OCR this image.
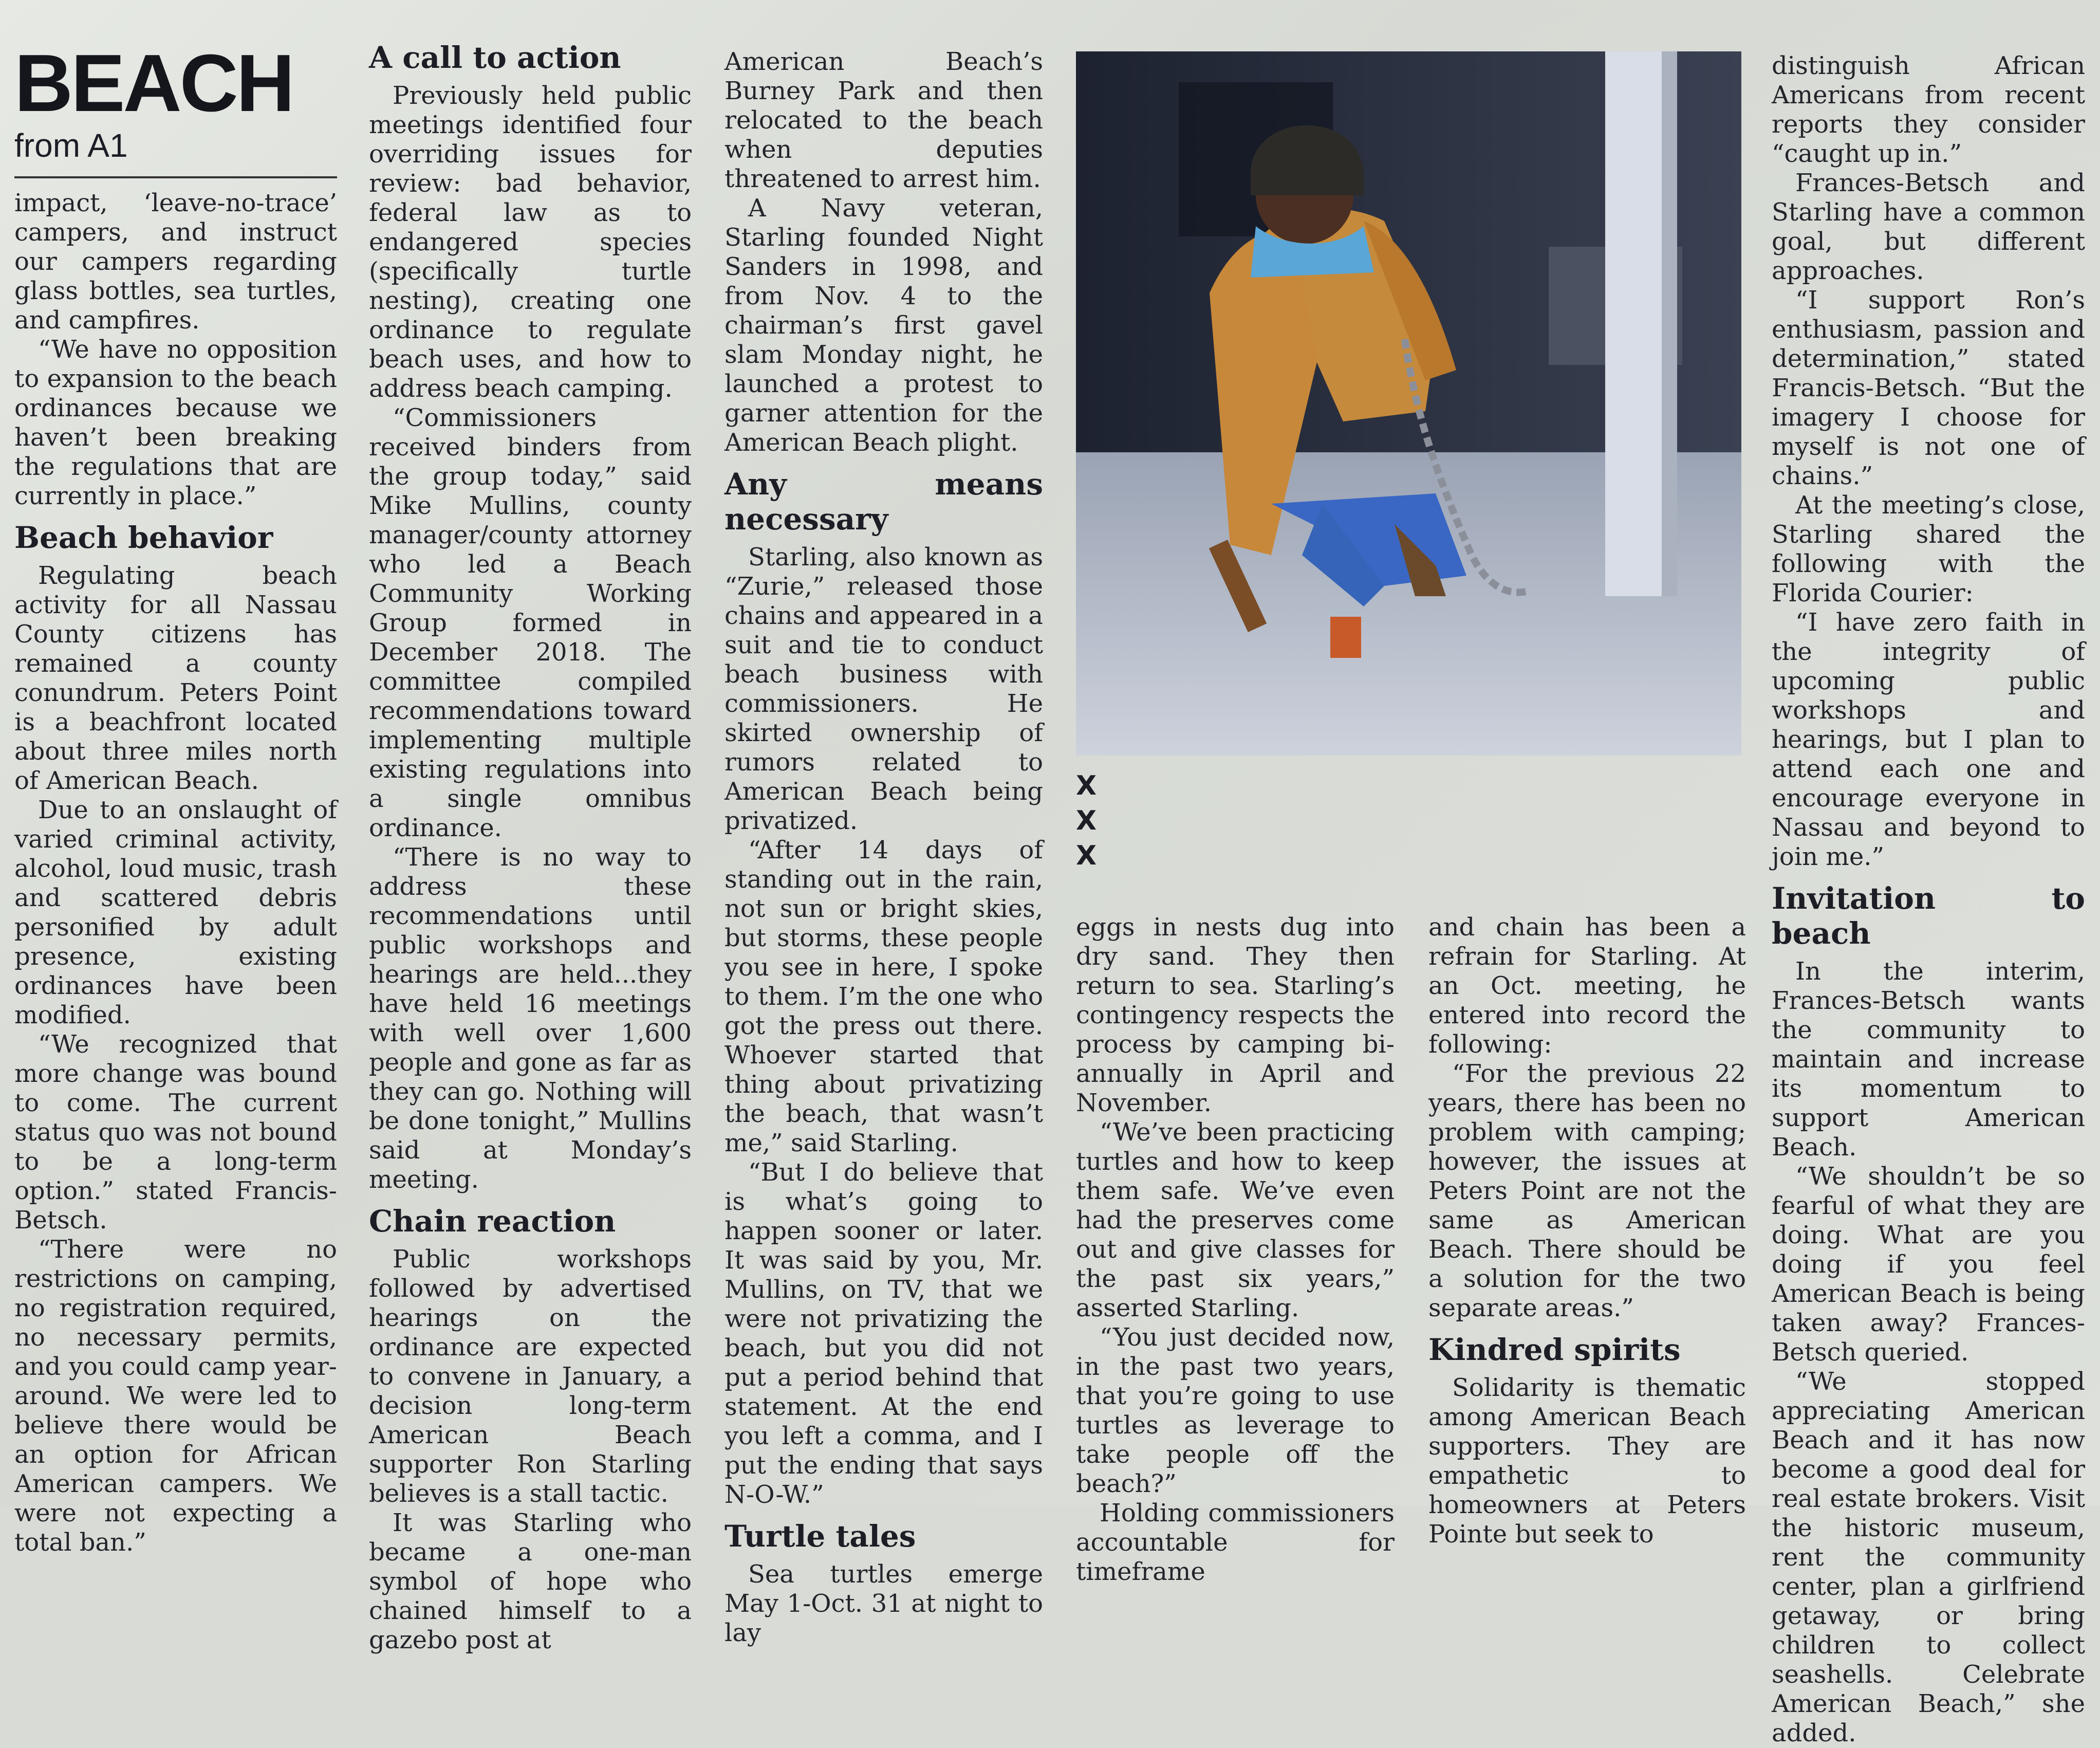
BEACH
from A1

impact, ‘leave-no-trace’ campers, and instruct our campers regarding glass bottles, sea turtles, and campfires.

“We have no opposition to expansion to the beach ordinances because we haven’t been breaking the regulations that are currently in place.”

Beach behavior

Regulating beach activity for all Nassau County citizens has remained a county conundrum. Peters Point is a beachfront located about three miles north of American Beach.

Due to an onslaught of varied criminal activity, alcohol, loud music, trash and scattered debris personified by adult presence, existing ordinances have been modified.

“We recognized that more change was bound to come. The current status quo was not bound to be a long-term option.” stated Francis-Betsch.

“There were no restrictions on camping, no registration required, no necessary permits, and you could camp year-around. We were led to believe there would be an option for African American campers. We were not expecting a total ban.”

A call to action

Previously held public meetings identified four overriding issues for review: bad behavior, federal law as to endangered species (specifically turtle nesting), creating one ordinance to regulate beach uses, and how to address beach camping.

“Commissioners received binders from the group today,” said Mike Mullins, county manager/county attorney who led a Beach Community Working Group formed in December 2018. The committee compiled recommendations toward implementing multiple existing regulations into a single omnibus ordinance.

“There is no way to address these recommendations until public workshops and hearings are held...they have held 16 meetings with well over 1,600 people and gone as far as they can go. Nothing will be done tonight,” Mullins said at Monday’s meeting.

Chain reaction

Public workshops followed by advertised hearings on the ordinance are expected to convene in January, a decision long-term American Beach supporter Ron Starling believes is a stall tactic.

It was Starling who became a one-man symbol of hope who chained himself to a gazebo post at

American Beach’s Burney Park and then relocated to the beach when deputies threatened to arrest him.

A Navy veteran, Starling founded Night Sanders in 1998, and from Nov. 4 to the chairman’s first gavel slam Monday night, he launched a protest to garner attention for the American Beach plight.

Any means necessary

Starling, also known as “Zurie,” released those chains and appeared in a suit and tie to conduct beach business with commissioners. He skirted ownership of rumors related to American Beach being privatized.

“After 14 days of standing out in the rain, not sun or bright skies, but storms, these people you see in here, I spoke to them. I’m the one who got the press out there. Whoever started that thing about privatizing the beach, that wasn’t me,” said Starling.

“But I do believe that is what’s going to happen sooner or later. It was said by you, Mr. Mullins, on TV, that we were not privatizing the beach, but you did not put a period behind that statement. At the end you left a comma, and I put the ending that says N-O-W.”

Turtle tales

Sea turtles emerge May 1-Oct. 31 at night to lay

X
X
X

eggs in nests dug into dry sand. They then return to sea. Starling’s contingency respects the process by camping bi-annually in April and November.

“We’ve been practicing turtles and how to keep them safe. We’ve even had the preserves come out and give classes for the past six years,” asserted Starling.

“You just decided now, in the past two years, that you’re going to use turtles as leverage to take people off the beach?”

Holding commissioners accountable for timeframe

and chain has been a refrain for Starling. At an Oct. meeting, he entered into record the following:

“For the previous 22 years, there has been no problem with camping; however, the issues at Peters Point are not the same as American Beach. There should be a solution for the two separate areas.”

Kindred spirits

Solidarity is thematic among American Beach supporters. They are empathetic to homeowners at Peters Pointe but seek to

distinguish African Americans from recent reports they consider “caught up in.”

Frances-Betsch and Starling have a common goal, but different approaches.

“I support Ron’s enthusiasm, passion and determination,” stated Francis-Betsch. “But the imagery I choose for myself is not one of chains.”

At the meeting’s close, Starling shared the following with the Florida Courier:

“I have zero faith in the integrity of upcoming public workshops and hearings, but I plan to attend each one and encourage everyone in Nassau and beyond to join me.”

Invitation to beach

In the interim, Frances-Betsch wants the community to maintain and increase its momentum to support American Beach.

“We shouldn’t be so fearful of what they are doing. What are you doing if you feel American Beach is being taken away? Frances-Betsch queried.

“We stopped appreciating American Beach and it has now become a good deal for real estate brokers. Visit the historic museum, rent the community center, plan a girlfriend getaway, or bring children to collect seashells. Celebrate American Beach,” she added.
